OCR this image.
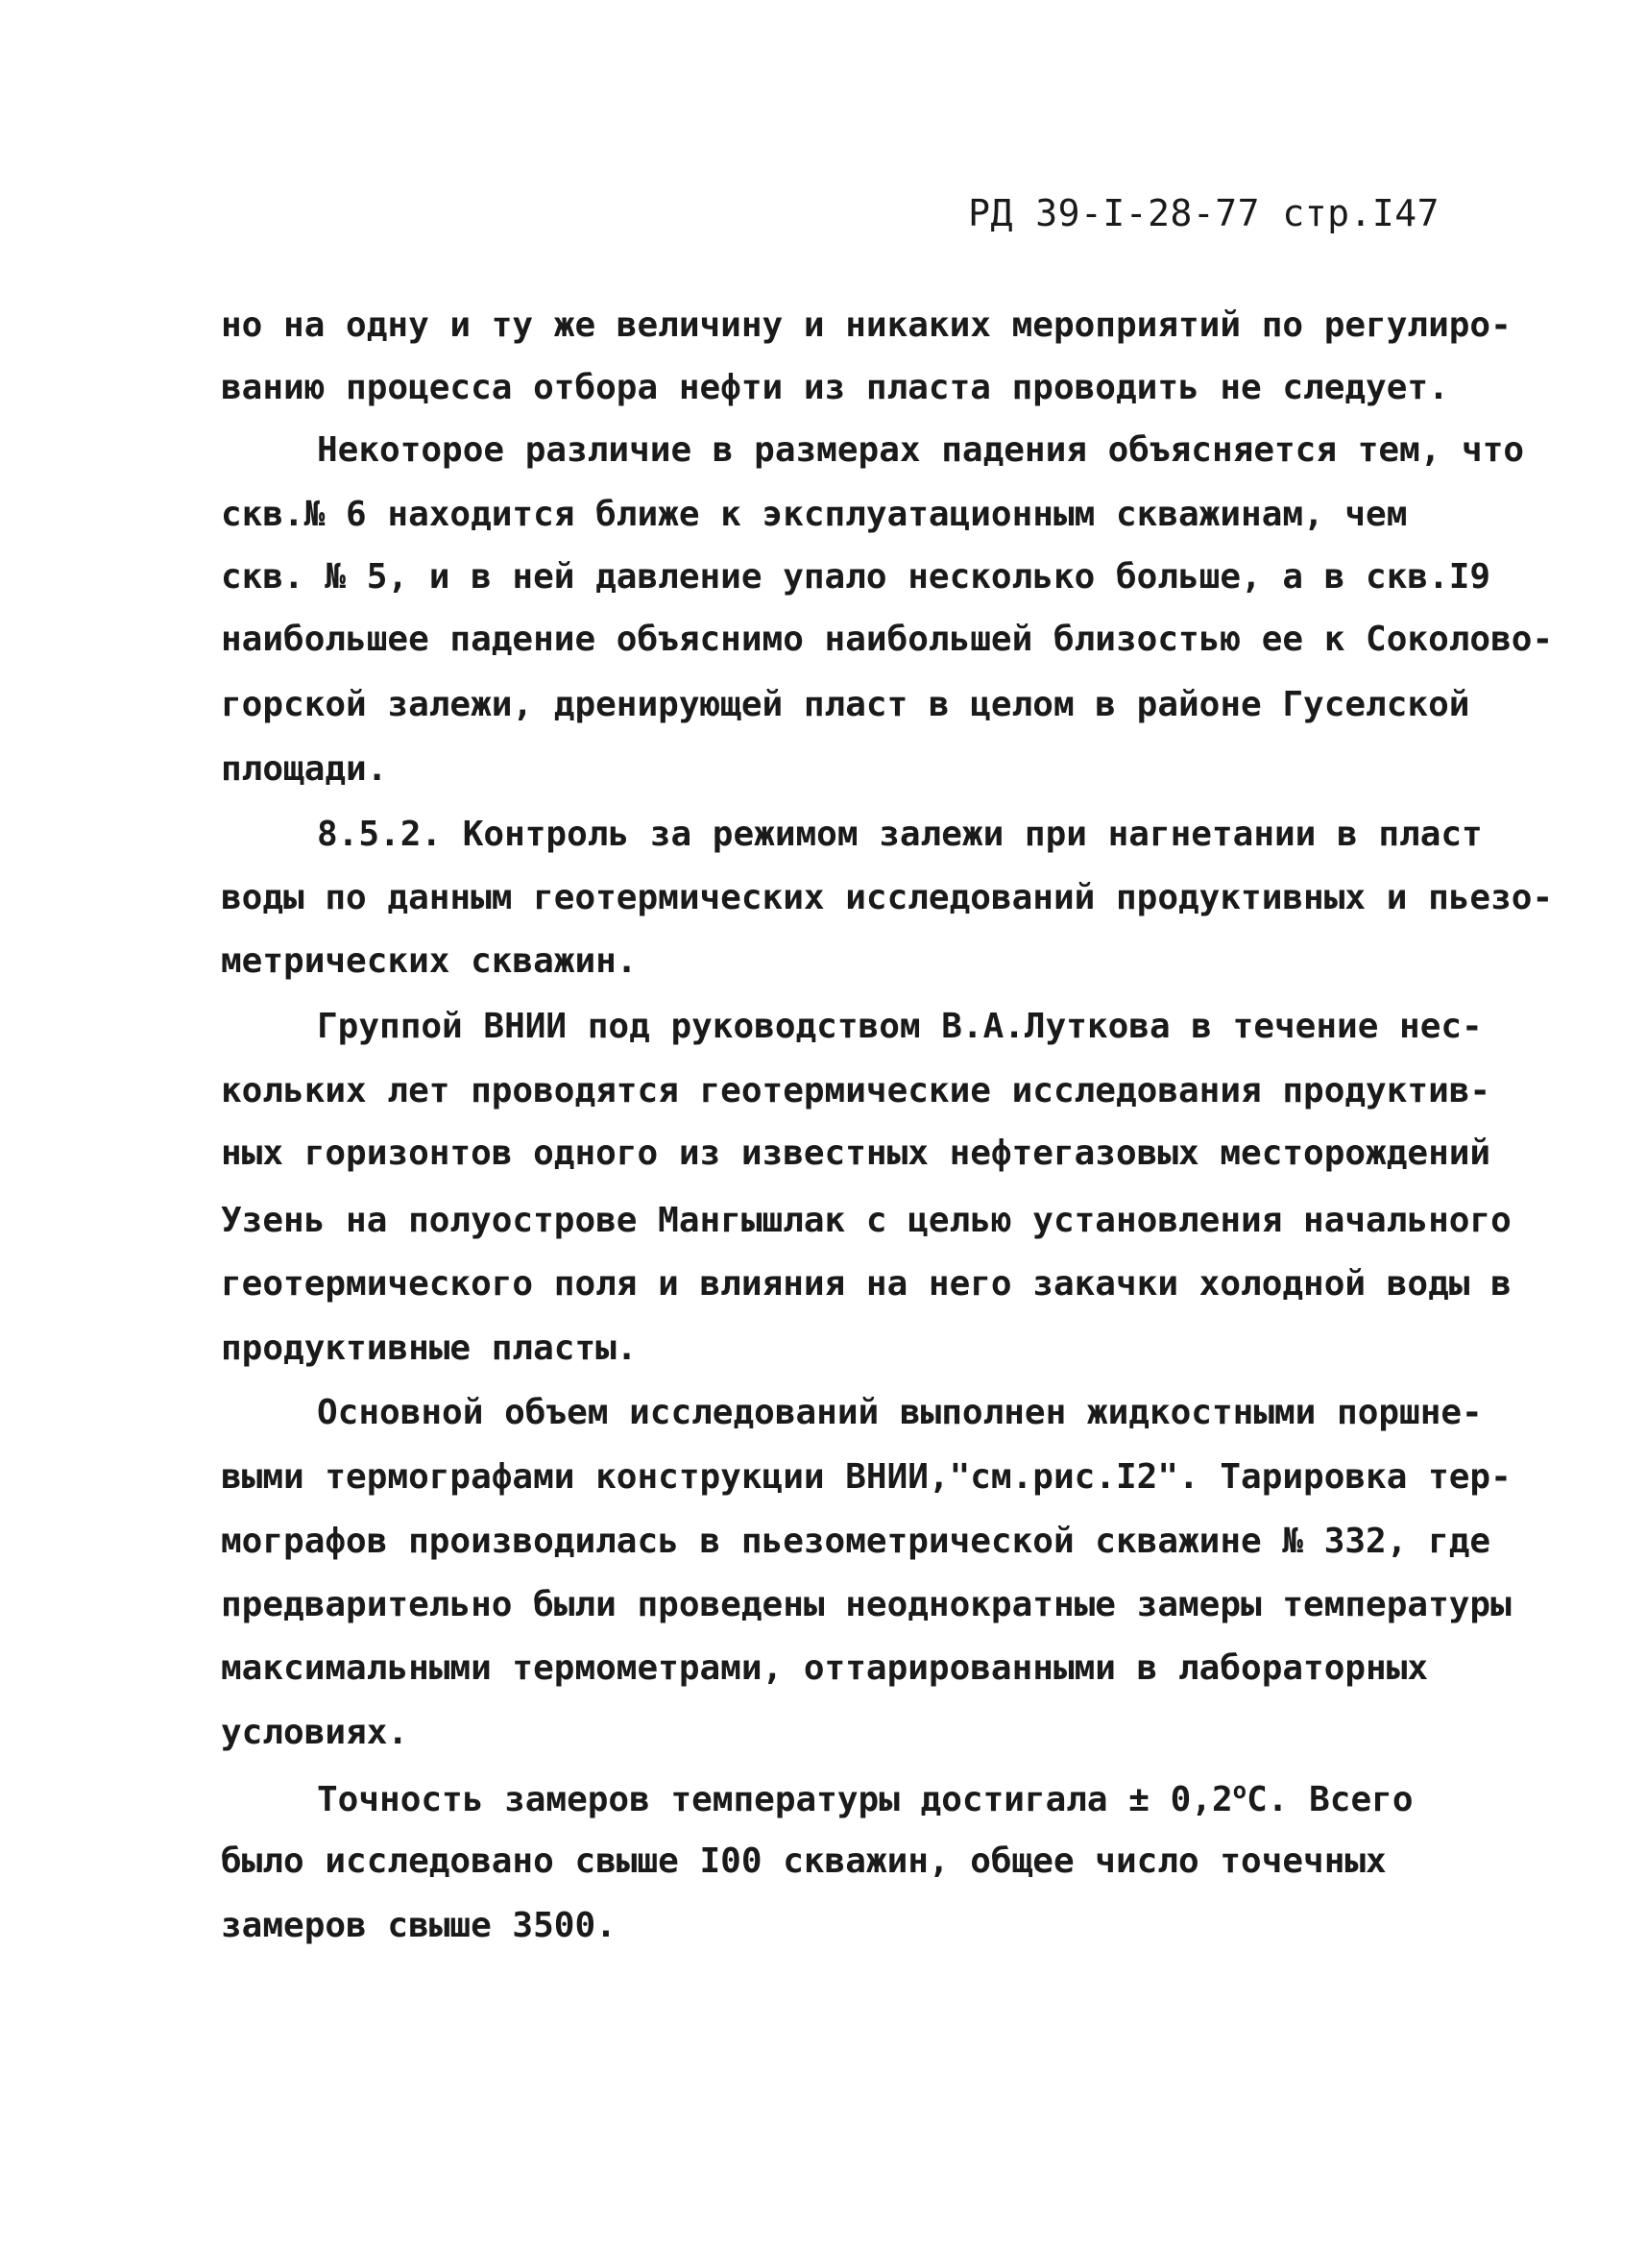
РД 39-I-28-77 стр.I47
но на одну и ту же величину и никаких мероприятий по регулиро-
ванию процесса отбора нефти из пласта проводить не следует.
Некоторое различие в размерах падения объясняется тем, что
скв.№ 6 находится ближе к эксплуатационным скважинам, чем
скв. № 5, и в ней давление упало несколько больше, а в скв.I9
наибольшее падение объяснимо наибольшей близостью ее к Соколово-
горской залежи, дренирующей пласт в целом в районе Гуселской
площади.
8.5.2. Контроль за режимом залежи при нагнетании в пласт
воды по данным геотермических исследований продуктивных и пьезо-
метрических скважин.
Группой ВНИИ под руководством В.А.Луткова в течение нес-
кольких лет проводятся геотермические исследования продуктив-
ных горизонтов одного из известных нефтегазовых месторождений
Узень на полуострове Мангышлак с целью установления начального
геотермического поля и влияния на него закачки холодной воды в
продуктивные пласты.
Основной объем исследований выполнен жидкостными поршне-
выми термографами конструкции ВНИИ,"см.рис.I2". Тарировка тер-
мографов производилась в пьезометрической скважине № 332, где
предварительно были проведены неоднократные замеры температуры
максимальными термометрами, оттарированными в лабораторных
условиях.
Точность замеров температуры достигала ± $0,2^оС$. Всего
было исследовано свыше I00 скважин, общее число точечных
замеров свыше 3500.
